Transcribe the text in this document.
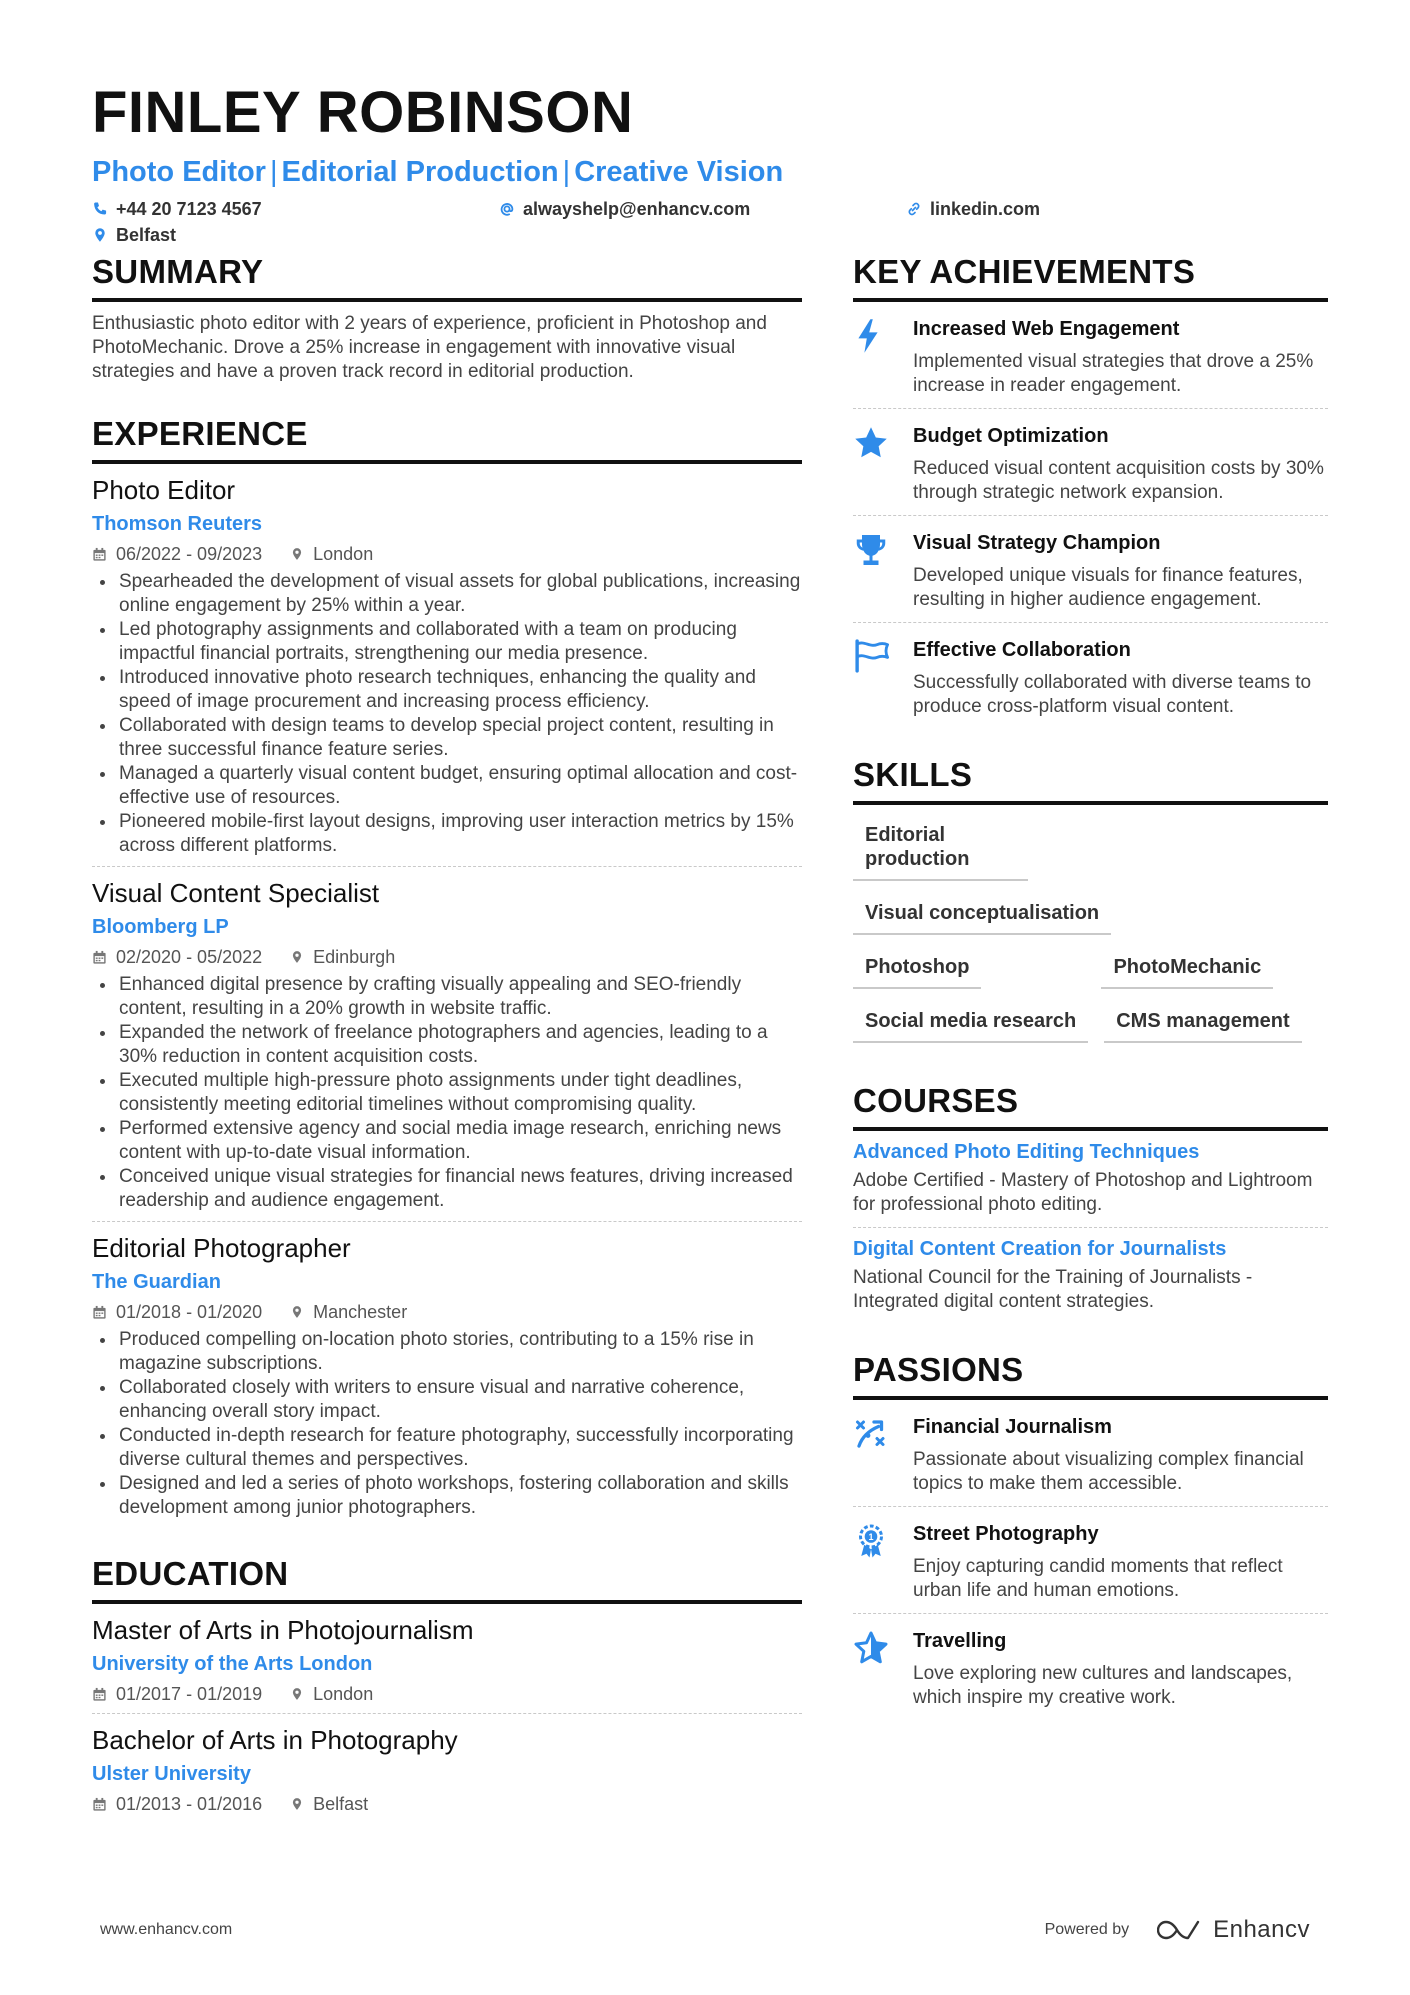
FINLEY ROBINSON
Photo Editor | Editorial Production | Creative Vision
+44 20 7123 4567	alwayshelp@enhancv.com	linkedin.com
Belfast
SUMMARY
Enthusiastic photo editor with 2 years of experience, proficient in Photoshop and PhotoMechanic. Drove a 25% increase in engagement with innovative visual strategies and have a proven track record in editorial production.
EXPERIENCE
Photo Editor
Thomson Reuters
06/2022 - 09/2023	London
Spearheaded the development of visual assets for global publications, increasing online engagement by 25% within a year.
Led photography assignments and collaborated with a team on producing impactful financial portraits, strengthening our media presence.
Introduced innovative photo research techniques, enhancing the quality and speed of image procurement and increasing process efficiency.
Collaborated with design teams to develop special project content, resulting in three successful finance feature series.
Managed a quarterly visual content budget, ensuring optimal allocation and cost-effective use of resources.
Pioneered mobile-first layout designs, improving user interaction metrics by 15% across different platforms.
Visual Content Specialist
Bloomberg LP
02/2020 - 05/2022	Edinburgh
Enhanced digital presence by crafting visually appealing and SEO-friendly content, resulting in a 20% growth in website traffic.
Expanded the network of freelance photographers and agencies, leading to a 30% reduction in content acquisition costs.
Executed multiple high-pressure photo assignments under tight deadlines, consistently meeting editorial timelines without compromising quality.
Performed extensive agency and social media image research, enriching news content with up-to-date visual information.
Conceived unique visual strategies for financial news features, driving increased readership and audience engagement.
Editorial Photographer
The Guardian
01/2018 - 01/2020	Manchester
Produced compelling on-location photo stories, contributing to a 15% rise in magazine subscriptions.
Collaborated closely with writers to ensure visual and narrative coherence, enhancing overall story impact.
Conducted in-depth research for feature photography, successfully incorporating diverse cultural themes and perspectives.
Designed and led a series of photo workshops, fostering collaboration and skills development among junior photographers.
EDUCATION
Master of Arts in Photojournalism
University of the Arts London
01/2017 - 01/2019	London
Bachelor of Arts in Photography
Ulster University
01/2013 - 01/2016	Belfast
KEY ACHIEVEMENTS
Increased Web Engagement
Implemented visual strategies that drove a 25% increase in reader engagement.
Budget Optimization
Reduced visual content acquisition costs by 30% through strategic network expansion.
Visual Strategy Champion
Developed unique visuals for finance features, resulting in higher audience engagement.
Effective Collaboration
Successfully collaborated with diverse teams to produce cross-platform visual content.
SKILLS
Editorial production
Visual conceptualisation
Photoshop	PhotoMechanic
Social media research	CMS management
COURSES
Advanced Photo Editing Techniques
Adobe Certified - Mastery of Photoshop and Lightroom for professional photo editing.
Digital Content Creation for Journalists
National Council for the Training of Journalists - Integrated digital content strategies.
PASSIONS
Financial Journalism
Passionate about visualizing complex financial topics to make them accessible.
1 Street Photography
Enjoy capturing candid moments that reflect urban life and human emotions.
Travelling
Love exploring new cultures and landscapes, which inspire my creative work.
www.enhancv.com	Powered by	Enhancv
